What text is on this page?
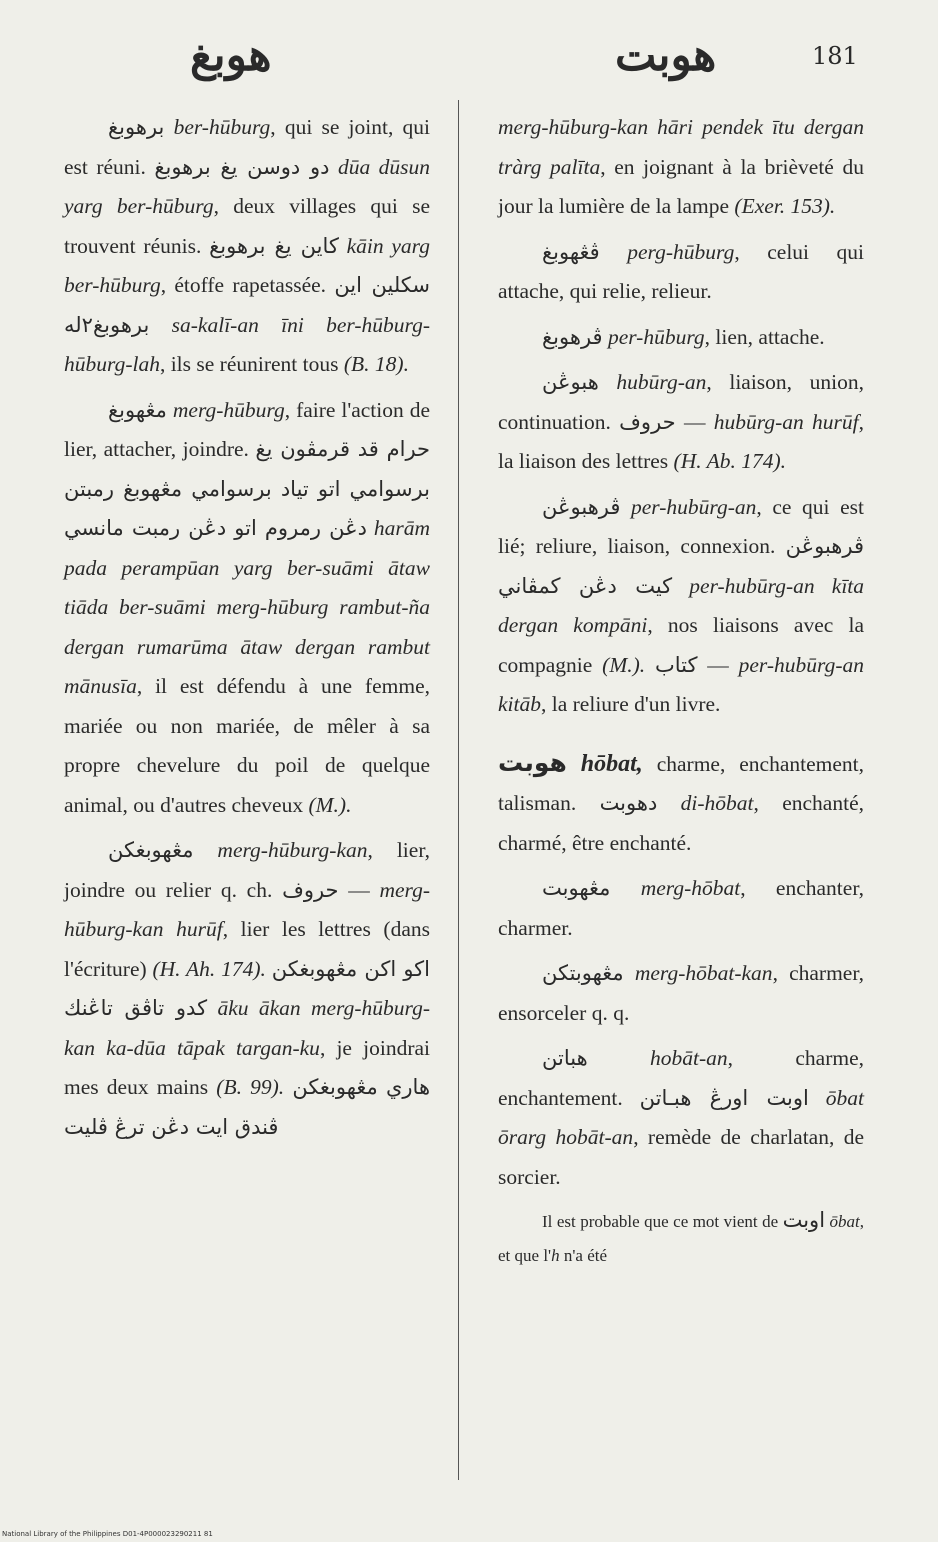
هوبغ	هوبت	181

برهوبغ ber-hūburg, qui se joint, qui est réuni. دو دوسن يغ برهوبغ dūa dūsun yarg ber-hūburg, deux villages qui se trouvent réunis. كاين يغ برهوبغ kāin yarg ber-hūburg, étoffe rapetassée. سكلين اين برهوبغ٢له sa-kalī-an īni ber-hūburg-hūburg-lah, ils se réunirent tous (B. 18).

مڠهوبغ merg-hūburg, faire l'action de lier, attacher, joindre. حرام قد قرمڤون يغ برسوامي اتو تياد برسوامي مڠهوبغ رمبتن دڠن رمروم اتو دڠن رمبت مانسي harām pada perampūan yarg ber-suāmi ātaw tiāda ber-suāmi merg-hūburg rambut-ña dergan rumarūma ātaw dergan rambut mānusīa, il est défendu à une femme, mariée ou non mariée, de mêler à sa propre chevelure du poil de quelque animal, ou d'autres cheveux (M.).

مڠهوبغكن merg-hūburg-kan, lier, joindre ou relier q. ch. حروف — merg-hūburg-kan hurūf, lier les lettres (dans l'écriture) (H. Ah. 174). اكو اكن مڠهوبغكن كدو تاڤق تاڠنك āku ākan merg-hūburg-kan ka-dūa tāpak targan-ku, je joindrai mes deux mains (B. 99). مڠهوبغكن هاري ڤندق ايت دڠن ترڠ ڤليت

merg-hūburg-kan hāri pendek ītu dergan tràrg palīta, en joignant à la brièveté du jour la lumière de la lampe (Exer. 153).

ڤڠهوبغ perg-hūburg, celui qui attache, qui relie, relieur.

ڤرهوبغ per-hūburg, lien, attache.

هبوڠن hubūrg-an, liaison, union, continuation. حروف — hubūrg-an hurūf, la liaison des lettres (H. Ab. 174).

ڤرهبوڠن per-hubūrg-an, ce qui est lié; reliure, liaison, connexion. ڤرهبوڠن كيت دڠن كمڤاني per-hubūrg-an kīta dergan kompāni, nos liaisons avec la compagnie (M.). كتاب — per-hubūrg-an kitāb, la reliure d'un livre.

هوبت hōbat, charme, enchantement, talisman. دهوبت di-hōbat, enchanté, charmé, être enchanté.

مڠهوبت merg-hōbat, enchanter, charmer.

مڠهوبتكن merg-hōbat-kan, charmer, ensorceler q. q.

هباتن	hobāt-an, charme, enchantement. اوبت اورڠ هبـاتن ōbat ōrarg hobāt-an, remède de charlatan, de sorcier.

Il est probable que ce mot vient de اوبت ōbat, et que l'h n'a été

National Library of the Philippines D01-4P000023290211 81
